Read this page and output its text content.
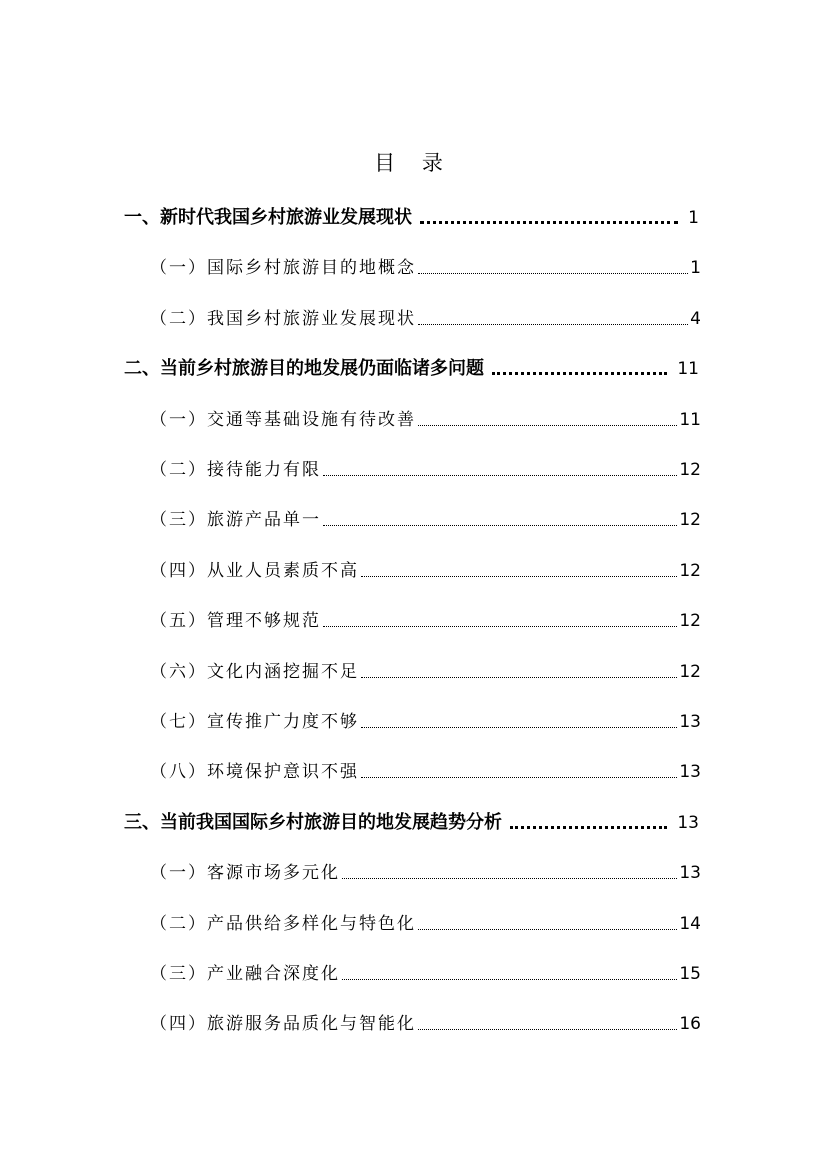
目 录
一、新时代我国乡村旅游业发展现状	1
（一）国际乡村旅游目的地概念	1
（二）我国乡村旅游业发展现状	4
二、当前乡村旅游目的地发展仍面临诸多问题	11
（一）交通等基础设施有待改善	11
（二）接待能力有限	12
（三）旅游产品单一	12
（四）从业人员素质不高	12
（五）管理不够规范	12
（六）文化内涵挖掘不足	12
（七）宣传推广力度不够	13
（八）环境保护意识不强	13
三、当前我国国际乡村旅游目的地发展趋势分析	13
（一）客源市场多元化	13
（二）产品供给多样化与特色化	14
（三）产业融合深度化	15
（四）旅游服务品质化与智能化	16
